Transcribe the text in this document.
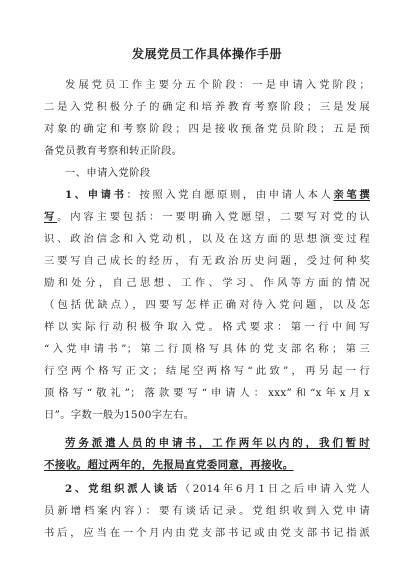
发展党员工作具体操作手册
发展党员工作主要分五个阶段：一是申请入党阶段；
二是入党积极分子的确定和培养教育考察阶段；三是发展
对象的确定和考察阶段；四是接收预备党员阶段；五是预
备党员教育考察和转正阶段。
一、申请入党阶段
1、申请书：按照入党自愿原则，由申请人本人亲笔撰
写。内容主要包括：一要明确入党愿望，二要写对党的认
识、政治信念和入党动机，以及在这方面的思想演变过程
三要写自己成长的经历，有无政治历史问题，受过何种奖
励和处分，自己思想、工作、学习、作风等方面的情况
（包括优缺点），四要写怎样正确对待入党问题，以及怎
样以实际行动积极争取入党。格式要求：第一行中间写
“入党申请书”；第二行顶格写具体的党支部名称；第三
行空两个格写正文；结尾空两格写“此致”，再另起一行
顶格写“敬礼”；落款要写“申请人：xxx”和“x年x月x
日”。字数一般为1500字左右。
劳务派遣人员的申请书，工作两年以内的，我们暂时
不接收。超过两年的，先报局直党委同意，再接收。
2、党组织派人谈话（2014年6月1日之后申请入党人
员新增档案内容）：要有谈话记录。党组织收到入党申请
书后，应当在一个月内由党支部书记或由党支部书记指派
